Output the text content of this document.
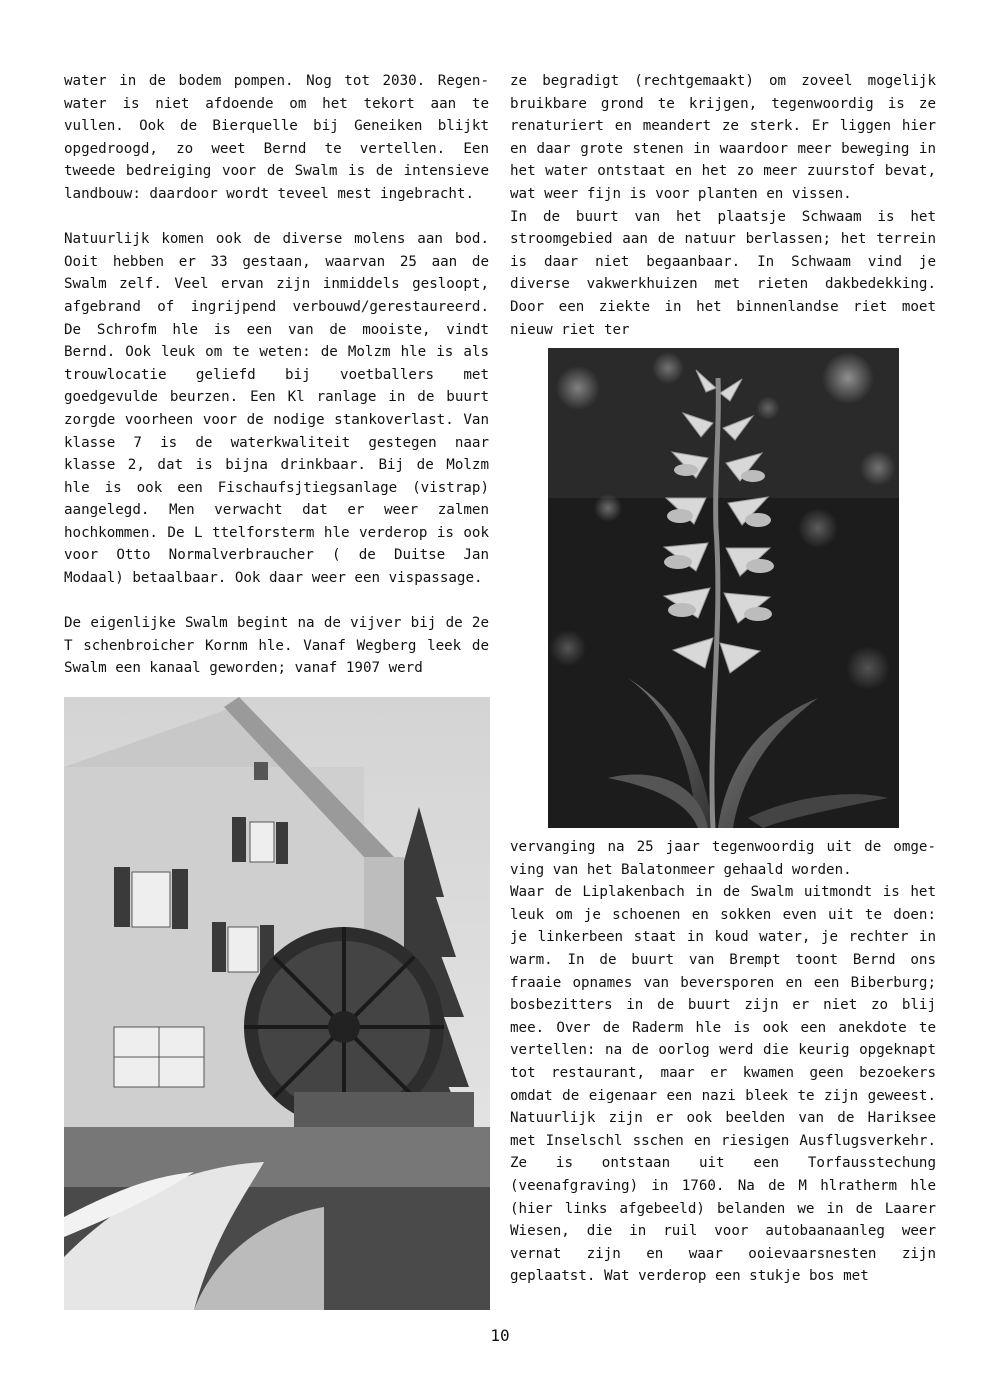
water in de bodem pompen. Nog tot 2030. Regenwater is niet afdoende om het tekort aan te vullen. Ook de Bierquelle bij Geneiken blijkt opgedroogd, zo weet Bernd te vertellen. Een tweede bedreiging voor de Swalm is de intensieve landbouw: daardoor wordt teveel mest ingebracht.

Natuurlijk komen ook de diverse molens aan bod. Ooit hebben er 33 gestaan, waarvan 25 aan de Swalm zelf. Veel ervan zijn inmiddels gesloopt, afgebrand of ingrijpend verbouwd/gerestaureerd. De Schrofm hle is een van de mooiste, vindt Bernd. Ook leuk om te weten: de Molzm hle is als trouwlocatie geliefd bij voetballers met goedgevulde beurzen. Een Kl ranlage in de buurt zorgde voorheen voor de nodige stankoverlast. Van klasse 7 is de waterkwaliteit gestegen naar klasse 2, dat is bijna drinkbaar. Bij de Molzm hle is ook een Fischaufsjtiegsanlage (vistrap) aangelegd. Men verwacht dat er weer zalmen hochkommen. De L ttelforsterm hle verderop is ook voor Otto Normalverbraucher ( de Duitse Jan Modaal) betaalbaar. Ook daar weer een vispassage.

De eigenlijke Swalm begint na de vijver bij de 2e T schenbroicher Kornm hle. Vanaf Wegberg leek de Swalm een kanaal geworden; vanaf 1907 werd

ze begradigt (rechtgemaakt) om zoveel mogelijk bruikbare grond te krijgen, tegenwoordig is ze renaturiert en meandert ze sterk. Er liggen hier en daar grote stenen in waardoor meer beweging in het water ontstaat en het zo meer zuurstof bevat, wat weer fijn is voor planten en vissen.

In de buurt van het plaatsje Schwaam is het stroomgebied aan de natuur berlassen; het terrein is daar niet begaanbaar. In Schwaam vind je diverse vakwerkhuizen met rieten dakbedekking. Door een ziekte in het binnenlandse riet moet nieuw riet ter

vervanging na 25 jaar tegenwoordig uit de omgeving van het Balatonmeer gehaald worden.

Waar de Liplakenbach in de Swalm uitmondt is het leuk om je schoenen en sokken even uit te doen: je linkerbeen staat in koud water, je rechter in warm. In de buurt van Brempt toont Bernd ons fraaie opnames van beversporen en een Biberburg; bosbezitters in de buurt zijn er niet zo blij mee. Over de Raderm hle is ook een anekdote te vertellen: na de oorlog werd die keurig opgeknapt tot restaurant, maar er kwamen geen bezoekers omdat de eigenaar een nazi bleek te zijn geweest. Natuurlijk zijn er ook beelden van de Hariksee met Inselschl sschen en riesigen Ausflugsverkehr. Ze is ontstaan uit een Torfausstechung (veenafgraving) in 1760. Na de M hlratherm hle (hier links afgebeeld) belanden we in de Laarer Wiesen, die in ruil voor autobaanaanleg weer vernat zijn en waar ooievaarsnesten zijn geplaatst. Wat verderop een stukje bos met

10
